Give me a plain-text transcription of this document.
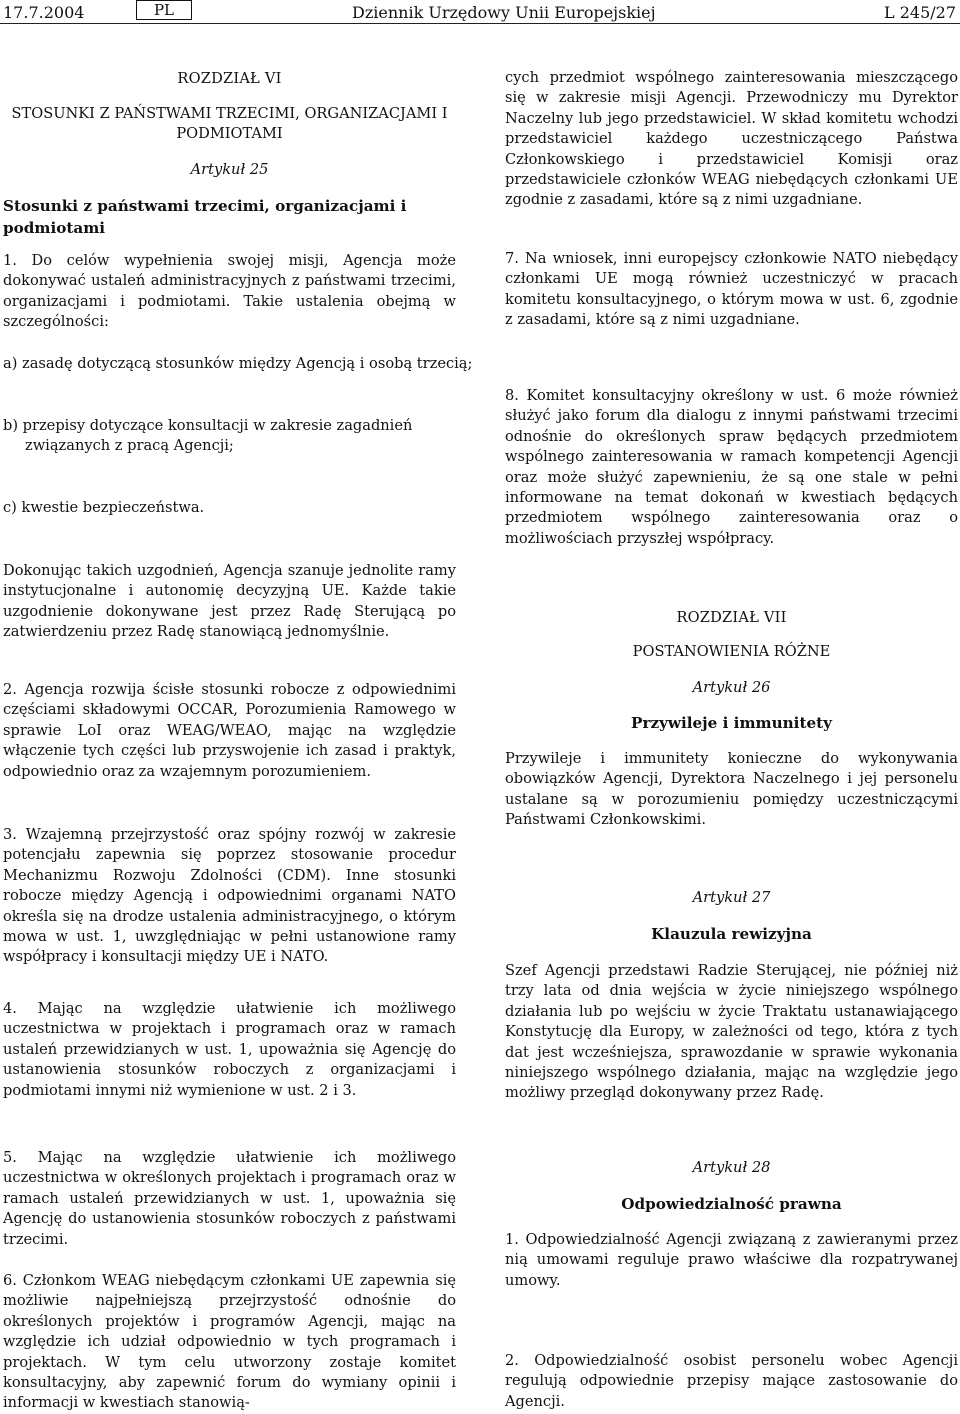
17.7.2004	PL	Dziennik Urzędowy Unii Europejskiej	L 245/27
ROZDZIAŁ VI
STOSUNKI Z PAŃSTWAMI TRZECIMI, ORGANIZACJAMI I PODMIOTAMI
Artykuł 25
Stosunki z państwami trzecimi, organizacjami i podmiotami
1. Do celów wypełnienia swojej misji, Agencja może dokonywać ustaleń administracyjnych z państwami trzecimi, organizacjami i podmiotami. Takie ustalenia obejmą w szczególności:
a) zasadę dotyczącą stosunków między Agencją i osobą trzecią;
b) przepisy dotyczące konsultacji w zakresie zagadnień związanych z pracą Agencji;
c) kwestie bezpieczeństwa.
Dokonując takich uzgodnień, Agencja szanuje jednolite ramy instytucjonalne i autonomię decyzyjną UE. Każde takie uzgodnienie dokonywane jest przez Radę Sterującą po zatwierdzeniu przez Radę stanowiącą jednomyślnie.
2. Agencja rozwija ścisłe stosunki robocze z odpowiednimi częściami składowymi OCCAR, Porozumienia Ramowego w sprawie LoI oraz WEAG/WEAO, mając na względzie włączenie tych części lub przyswojenie ich zasad i praktyk, odpowiednio oraz za wzajemnym porozumieniem.
3. Wzajemną przejrzystość oraz spójny rozwój w zakresie potencjału zapewnia się poprzez stosowanie procedur Mechanizmu Rozwoju Zdolności (CDM). Inne stosunki robocze między Agencją i odpowiednimi organami NATO określa się na drodze ustalenia administracyjnego, o którym mowa w ust. 1, uwzględniając w pełni ustanowione ramy współpracy i konsultacji między UE i NATO.
4. Mając na względzie ułatwienie ich możliwego uczestnictwa w projektach i programach oraz w ramach ustaleń przewidzianych w ust. 1, upoważnia się Agencję do ustanowienia stosunków roboczych z organizacjami i podmiotami innymi niż wymienione w ust. 2 i 3.
5. Mając na względzie ułatwienie ich możliwego uczestnictwa w określonych projektach i programach oraz w ramach ustaleń przewidzianych w ust. 1, upoważnia się Agencję do ustanowienia stosunków roboczych z państwami trzecimi.
6. Członkom WEAG niebędącym członkami UE zapewnia się możliwie najpełniejszą przejrzystość odnośnie do określonych projektów i programów Agencji, mając na względzie ich udział odpowiednio w tych programach i projektach. W tym celu utworzony zostaje komitet konsultacyjny, aby zapewnić forum do wymiany opinii i informacji w kwestiach stanowią-
cych przedmiot wspólnego zainteresowania mieszczącego się w zakresie misji Agencji. Przewodniczy mu Dyrektor Naczelny lub jego przedstawiciel. W skład komitetu wchodzi przedstawiciel każdego uczestniczącego Państwa Członkowskiego i przedstawiciel Komisji oraz przedstawiciele członków WEAG niebędących członkami UE zgodnie z zasadami, które są z nimi uzgadniane.
7. Na wniosek, inni europejscy członkowie NATO niebędący członkami UE mogą również uczestniczyć w pracach komitetu konsultacyjnego, o którym mowa w ust. 6, zgodnie z zasadami, które są z nimi uzgadniane.
8. Komitet konsultacyjny określony w ust. 6 może również służyć jako forum dla dialogu z innymi państwami trzecimi odnośnie do określonych spraw będących przedmiotem wspólnego zainteresowania w ramach kompetencji Agencji oraz może służyć zapewnieniu, że są one stale w pełni informowane na temat dokonań w kwestiach będących przedmiotem wspólnego zainteresowania oraz o możliwościach przyszłej współpracy.
ROZDZIAŁ VII
POSTANOWIENIA RÓŻNE
Artykuł 26
Przywileje i immunitety
Przywileje i immunitety konieczne do wykonywania obowiązków Agencji, Dyrektora Naczelnego i jej personelu ustalane są w porozumieniu pomiędzy uczestniczącymi Państwami Członkowskimi.
Artykuł 27
Klauzula rewizyjna
Szef Agencji przedstawi Radzie Sterującej, nie później niż trzy lata od dnia wejścia w życie niniejszego wspólnego działania lub po wejściu w życie Traktatu ustanawiającego Konstytucję dla Europy, w zależności od tego, która z tych dat jest wcześniejsza, sprawozdanie w sprawie wykonania niniejszego wspólnego działania, mając na względzie jego możliwy przegląd dokonywany przez Radę.
Artykuł 28
Odpowiedzialność prawna
1. Odpowiedzialność Agencji związaną z zawieranymi przez nią umowami reguluje prawo właściwe dla rozpatrywanej umowy.
2. Odpowiedzialność osobist personelu wobec Agencji regulują odpowiednie przepisy mające zastosowanie do Agencji.
